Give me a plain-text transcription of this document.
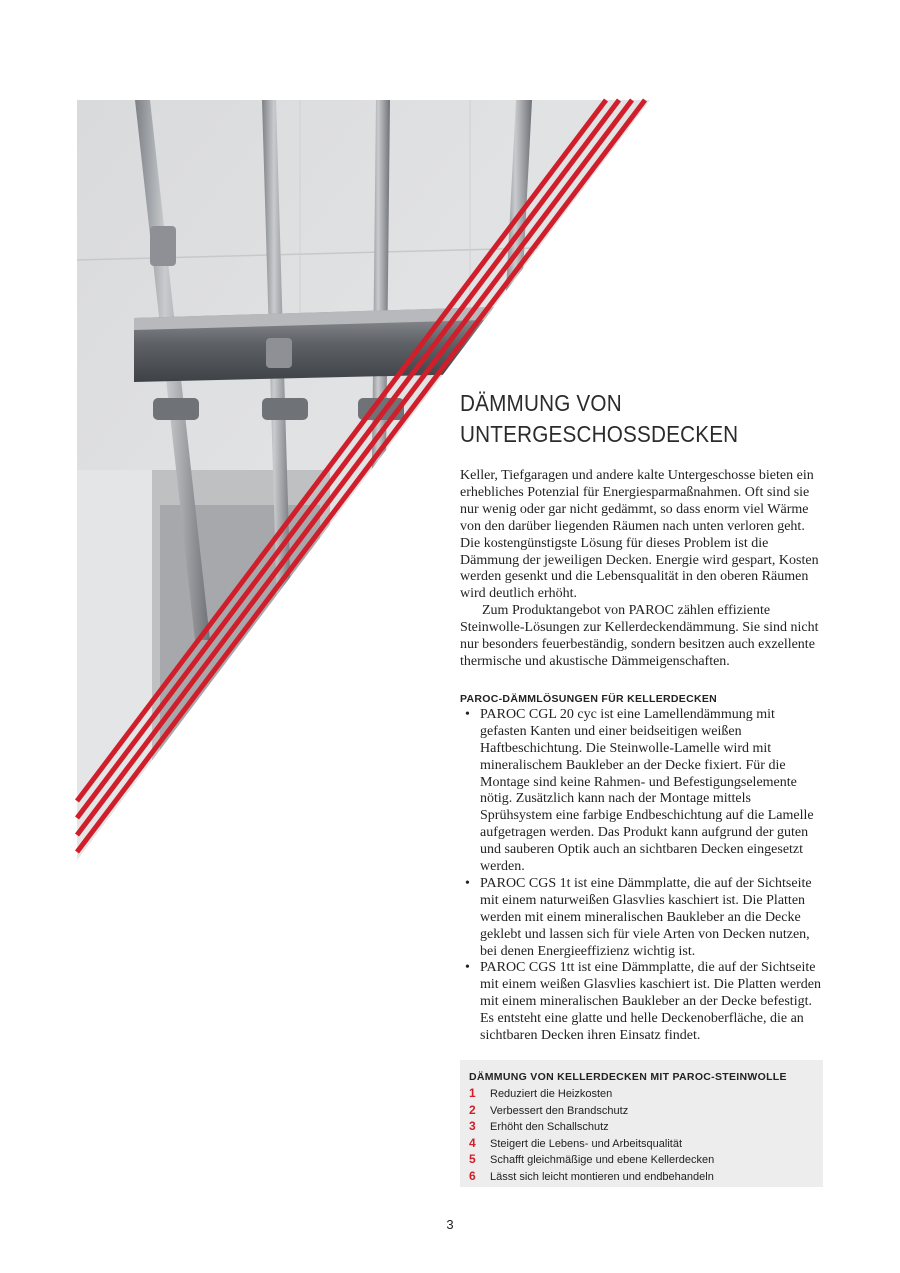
DÄMMUNG VON
UNTERGESCHOSSDECKEN

Keller, Tiefgaragen und andere kalte Untergeschosse bieten ein erhebliches Potenzial für Energiesparmaßnahmen. Oft sind sie nur wenig oder gar nicht gedämmt, so dass enorm viel Wärme von den darüber liegenden Räumen nach unten verloren geht. Die kostengünstigste Lösung für dieses Problem ist die Dämmung der jeweiligen Decken. Energie wird gespart, Kosten werden gesenkt und die Lebensqualität in den oberen Räumen wird deutlich erhöht.

Zum Produktangebot von PAROC zählen effiziente Steinwolle-Lösungen zur Kellerdeckendämmung. Sie sind nicht nur besonders feuerbeständig, sondern besitzen auch exzellente thermische und akustische Dämmeigenschaften.

PAROC-DÄMMLÖSUNGEN FÜR KELLERDECKEN
• PAROC CGL 20 cyc ist eine Lamellendämmung mit gefasten Kanten und einer beidseitigen weißen Haftbeschichtung. Die Steinwolle-Lamelle wird mit mineralischem Baukleber an der Decke fixiert. Für die Montage sind keine Rahmen- und Befestigungselemente nötig. Zusätzlich kann nach der Montage mittels Sprühsystem eine farbige Endbeschichtung auf die Lamelle aufgetragen werden. Das Produkt kann aufgrund der guten und sauberen Optik auch an sichtbaren Decken eingesetzt werden.
• PAROC CGS 1t ist eine Dämmplatte, die auf der Sichtseite mit einem naturweißen Glasvlies kaschiert ist. Die Platten werden mit einem mineralischen Baukleber an die Decke geklebt und lassen sich für viele Arten von Decken nutzen, bei denen Energieeffizienz wichtig ist.
• PAROC CGS 1tt ist eine Dämmplatte, die auf der Sichtseite mit einem weißen Glasvlies kaschiert ist. Die Platten werden mit einem mineralischen Baukleber an der Decke befestigt. Es entsteht eine glatte und helle Deckenoberfläche, die an sichtbaren Decken ihren Einsatz findet.
DÄMMUNG VON KELLERDECKEN MIT PAROC-STEINWOLLE
1	Reduziert die Heizkosten
2	Verbessert den Brandschutz
3	Erhöht den Schallschutz
4	Steigert die Lebens- und Arbeitsqualität
5	Schafft gleichmäßige und ebene Kellerdecken
6	Lässt sich leicht montieren und endbehandeln
3
